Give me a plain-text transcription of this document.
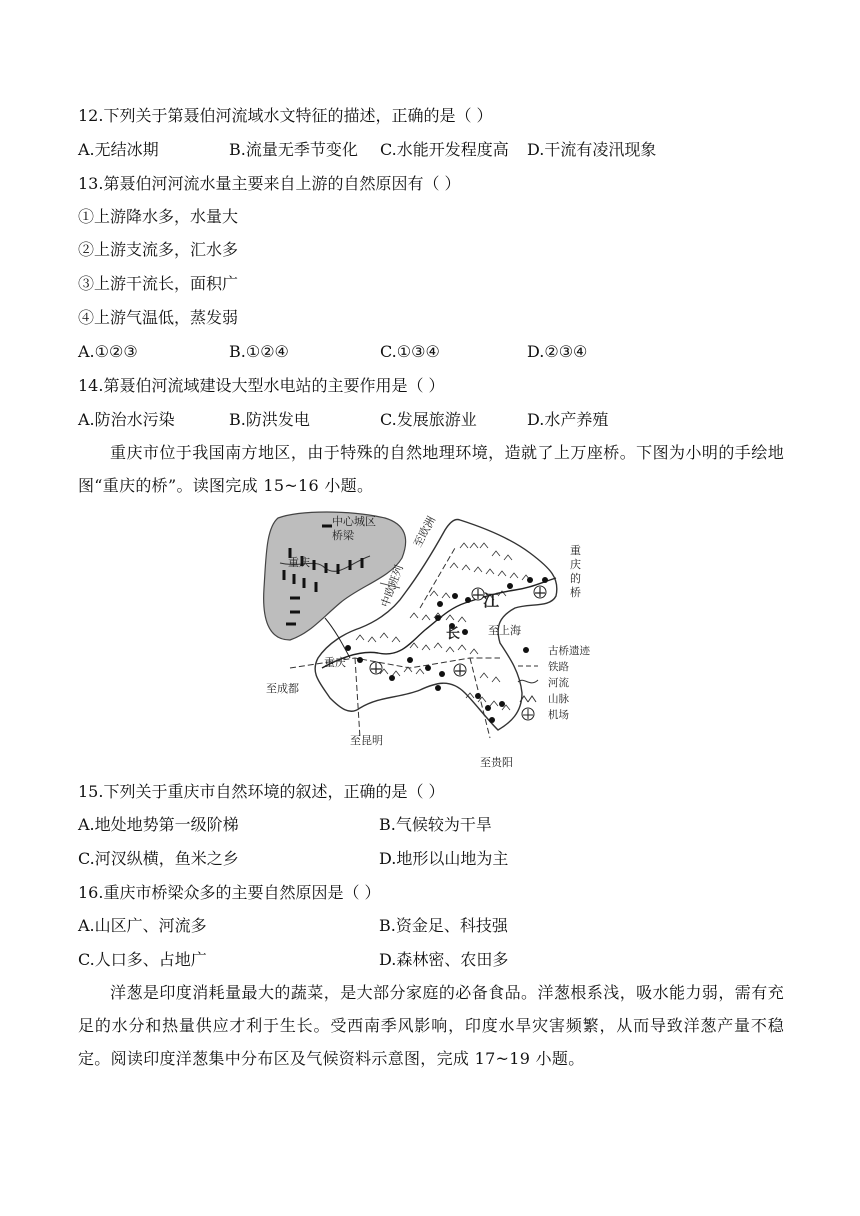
12.下列关于第聂伯河流域水文特征的描述，正确的是（ ）
A.无结冰期	B.流量无季节变化 C.水能开发程度高 D.干流有凌汛现象
13.第聂伯河河流水量主要来自上游的自然原因有（ ）
①上游降水多，水量大
②上游支流多，汇水多
③上游干流长，面积广
④上游气温低，蒸发弱
A.①②③	B.①②④	C.①③④	D.②③④
14.第聂伯河流域建设大型水电站的主要作用是（ ）
A.防治水污染	B.防洪发电	C.发展旅游业	D.水产养殖
重庆市位于我国南方地区，由于特殊的自然地理环境，造就了上万座桥。下图为小明的手绘地图“重庆的桥”。读图完成 15~16 小题。
中心城区
桥梁
重庆
至欧洲
中欧班列	江
长	至上海
重庆
至成都
至昆明
至贵阳
重
庆
的
桥
古桥遗迹
铁路
河流
山脉
机场
15.下列关于重庆市自然环境的叙述，正确的是（ ）
A.地处地势第一级阶梯	B.气候较为干旱
C.河汊纵横，鱼米之乡	D.地形以山地为主
16.重庆市桥梁众多的主要自然原因是（ ）
A.山区广、河流多	B.资金足、科技强
C.人口多、占地广	D.森林密、农田多
洋葱是印度消耗量最大的蔬菜，是大部分家庭的必备食品。洋葱根系浅，吸水能力弱，需有充足的水分和热量供应才利于生长。受西南季风影响，印度水旱灾害频繁，从而导致洋葱产量不稳定。阅读印度洋葱集中分布区及气候资料示意图，完成 17~19 小题。
